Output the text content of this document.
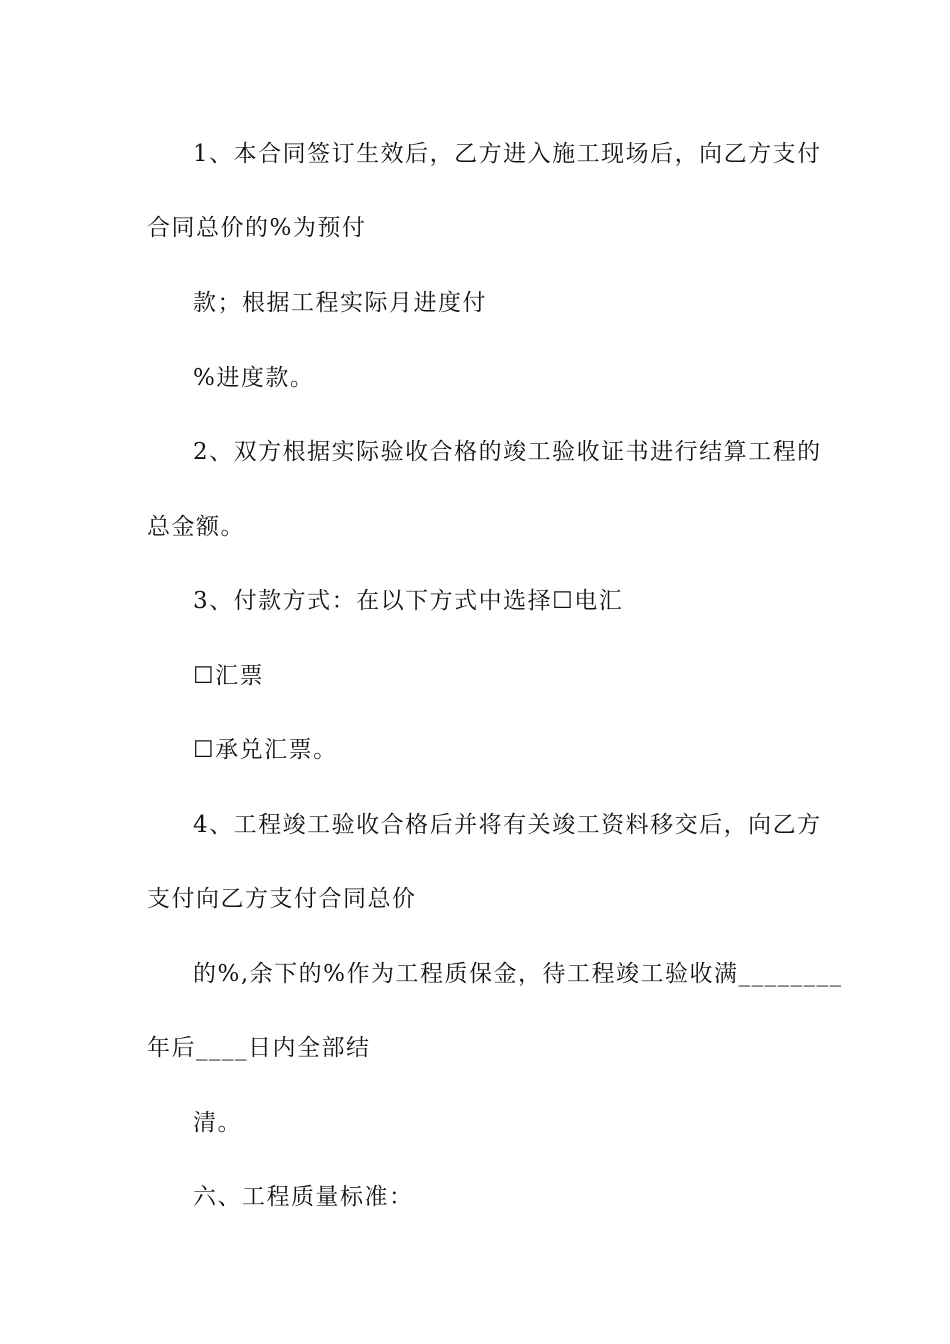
1、本合同签订生效后，乙方进入施工现场后，向乙方支付
合同总价的%为预付
款；根据工程实际月进度付
%进度款。
2、双方根据实际验收合格的竣工验收证书进行结算工程的
总金额。
3、付款方式：在以下方式中选择☐电汇
☐汇票
☐承兑汇票。
4、工程竣工验收合格后并将有关竣工资料移交后，向乙方
支付向乙方支付合同总价
的%,余下的%作为工程质保金，待工程竣工验收满________
年后____日内全部结
清。
六、工程质量标准：
